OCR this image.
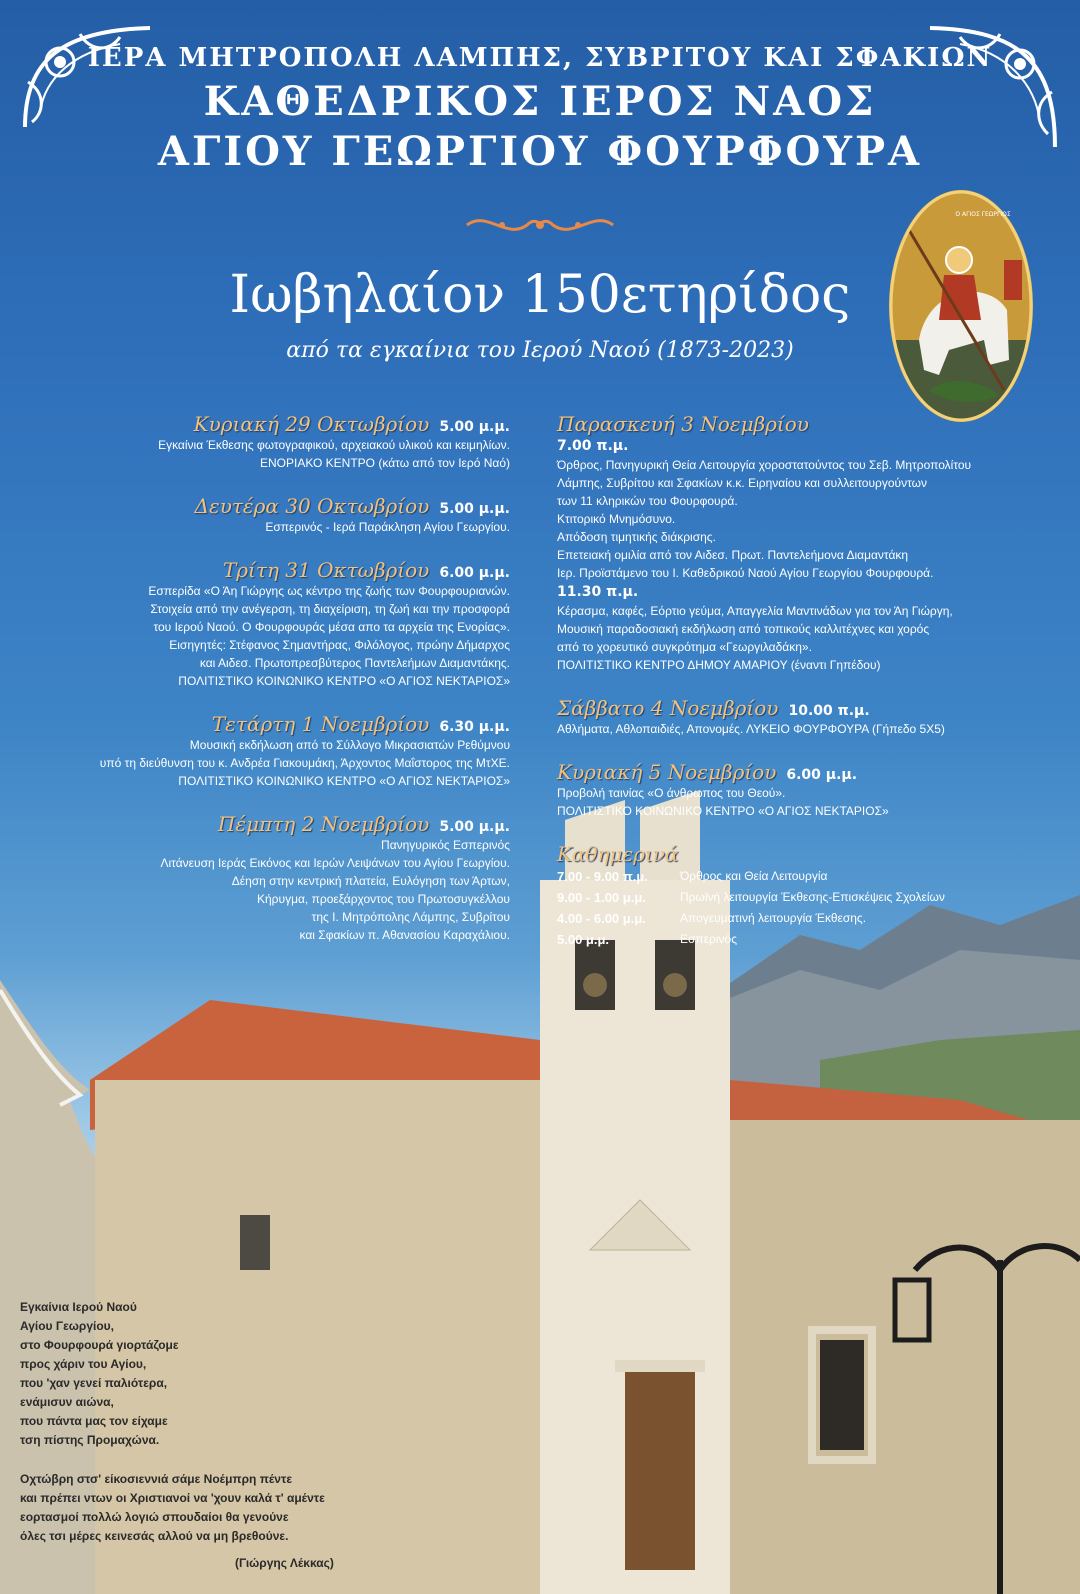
ΙΕΡΑ ΜΗΤΡΟΠΟΛΗ ΛΑΜΠΗΣ, ΣΥΒΡΙΤΟΥ ΚΑΙ ΣΦΑΚΙΩΝ
ΚΑΘΕΔΡΙΚΟΣ ΙΕΡΟΣ ΝΑΟΣ
ΑΓΙΟΥ ΓΕΩΡΓΙΟΥ ΦΟΥΡΦΟΥΡΑ
Ιωβηλαίον 150ετηρίδος
από τα εγκαίνια του Ιερού Ναού (1873-2023)
Ο ΑΓΙΟΣ ΓΕΩΡΓΙΟΣ
Κυριακή 29 Οκτωβρίου 5.00 μ.μ.
Εγκαίνια Έκθεσης φωτογραφικού, αρχειακού υλικού και κειμηλίων.
ΕΝΟΡΙΑΚΟ ΚΕΝΤΡΟ (κάτω από τον Ιερό Ναό)
Δευτέρα 30 Οκτωβρίου 5.00 μ.μ.
Εσπερινός - Ιερά Παράκληση Αγίου Γεωργίου.
Τρίτη 31 Οκτωβρίου 6.00 μ.μ.
Εσπερίδα «Ο Άη Γιώργης ως κέντρο της ζωής των Φουρφουριανών.
Στοιχεία από την ανέγερση, τη διαχείριση, τη ζωή και την προσφορά
του Ιερού Ναού. Ο Φουρφουράς μέσα απο τα αρχεία της Ενορίας».
Εισηγητές: Στέφανος Σημαντήρας, Φιλόλογος, πρώην Δήμαρχος
και Αιδεσ. Πρωτοπρεσβύτερος Παντελεήμων Διαμαντάκης.
ΠΟΛΙΤΙΣΤΙΚΟ ΚΟΙΝΩΝΙΚΟ ΚΕΝΤΡΟ «Ο ΑΓΙΟΣ ΝΕΚΤΑΡΙΟΣ»
Τετάρτη 1 Νοεμβρίου 6.30 μ.μ.
Μουσική εκδήλωση από το Σύλλογο Μικρασιατών Ρεθύμνου
υπό τη διεύθυνση του κ. Ανδρέα Γιακουμάκη, Άρχοντος Μαΐστορος της ΜτΧΕ.
ΠΟΛΙΤΙΣΤΙΚΟ ΚΟΙΝΩΝΙΚΟ ΚΕΝΤΡΟ «Ο ΑΓΙΟΣ ΝΕΚΤΑΡΙΟΣ»
Πέμπτη 2 Νοεμβρίου 5.00 μ.μ.
Πανηγυρικός Εσπερινός
Λιτάνευση Ιεράς Εικόνος και Ιερών Λειψάνων του Αγίου Γεωργίου.
Δέηση στην κεντρική πλατεία, Ευλόγηση των Άρτων,
Κήρυγμα, προεξάρχοντος του Πρωτοσυγκέλλου
της Ι. Μητρόπολης Λάμπης, Συβρίτου
και Σφακίων π. Αθανασίου Καραχάλιου.
Παρασκευή 3 Νοεμβρίου
7.00 π.μ.
Όρθρος, Πανηγυρική Θεία Λειτουργία χοροστατούντος του Σεβ. Μητροπολίτου
Λάμπης, Συβρίτου και Σφακίων κ.κ. Ειρηναίου και συλλειτουργούντων
των 11 κληρικών του Φουρφουρά.
Κτιτορικό Μνημόσυνο.
Απόδοση τιμητικής διάκρισης.
Επετειακή ομιλία από τον Αιδεσ. Πρωτ. Παντελεήμονα Διαμαντάκη
Ιερ. Προϊστάμενο του Ι. Καθεδρικού Ναού Αγίου Γεωργίου Φουρφουρά.
11.30 π.μ.
Κέρασμα, καφές, Εόρτιο γεύμα, Απαγγελία Μαντινάδων για τον Άη Γιώργη,
Μουσική παραδοσιακή εκδήλωση από τοπικούς καλλιτέχνες και χορός
από το χορευτικό συγκρότημα «Γεωργιλαδάκη».
ΠΟΛΙΤΙΣΤΙΚΟ ΚΕΝΤΡΟ ΔΗΜΟΥ ΑΜΑΡΙΟΥ (έναντι Γηπέδου)
Σάββατο 4 Νοεμβρίου 10.00 π.μ.
Αθλήματα, Αθλοπαιδιές, Απονομές. ΛΥΚΕΙΟ ΦΟΥΡΦΟΥΡΑ (Γήπεδο 5Χ5)
Κυριακή 5 Νοεμβρίου 6.00 μ.μ.
Προβολή ταινίας «Ο άνθρωπος του Θεού».
ΠΟΛΙΤΙΣΤΙΚΟ ΚΟΙΝΩΝΙΚΟ ΚΕΝΤΡΟ «Ο ΑΓΙΟΣ ΝΕΚΤΑΡΙΟΣ»
Καθημερινά
7.00 - 9.00 π.μ.	Όρθρος και Θεία Λειτουργία
9.00 - 1.00 μ.μ.	Πρωϊνή λειτουργία Έκθεσης-Επισκέψεις Σχολείων
4.00 - 6.00 μ.μ.	Απογευματινή λειτουργία Έκθεσης.
5.00 μ.μ.	Εσπερινός
Εγκαίνια Ιερού Ναού
Αγίου Γεωργίου,
στο Φουρφουρά γιορτάζομε
προς χάριν του Αγίου,
που 'χαν γενεί παλιότερα,
ενάμισυν αιώνα,
που πάντα μας τον είχαμε
τση πίστης Προμαχώνα.
Οχτώβρη στσ' είκοσιεννιά σάμε Νοέμπρη πέντε
και πρέπει ντων οι Χριστιανοί να 'χουν καλά τ' αμέντε
εορτασμοί πολλώ λογιώ σπουδαίοι θα γενούνε
όλες τσι μέρες κεινεσάς αλλού να μη βρεθούνε.
(Γιώργης Λέκκας)
